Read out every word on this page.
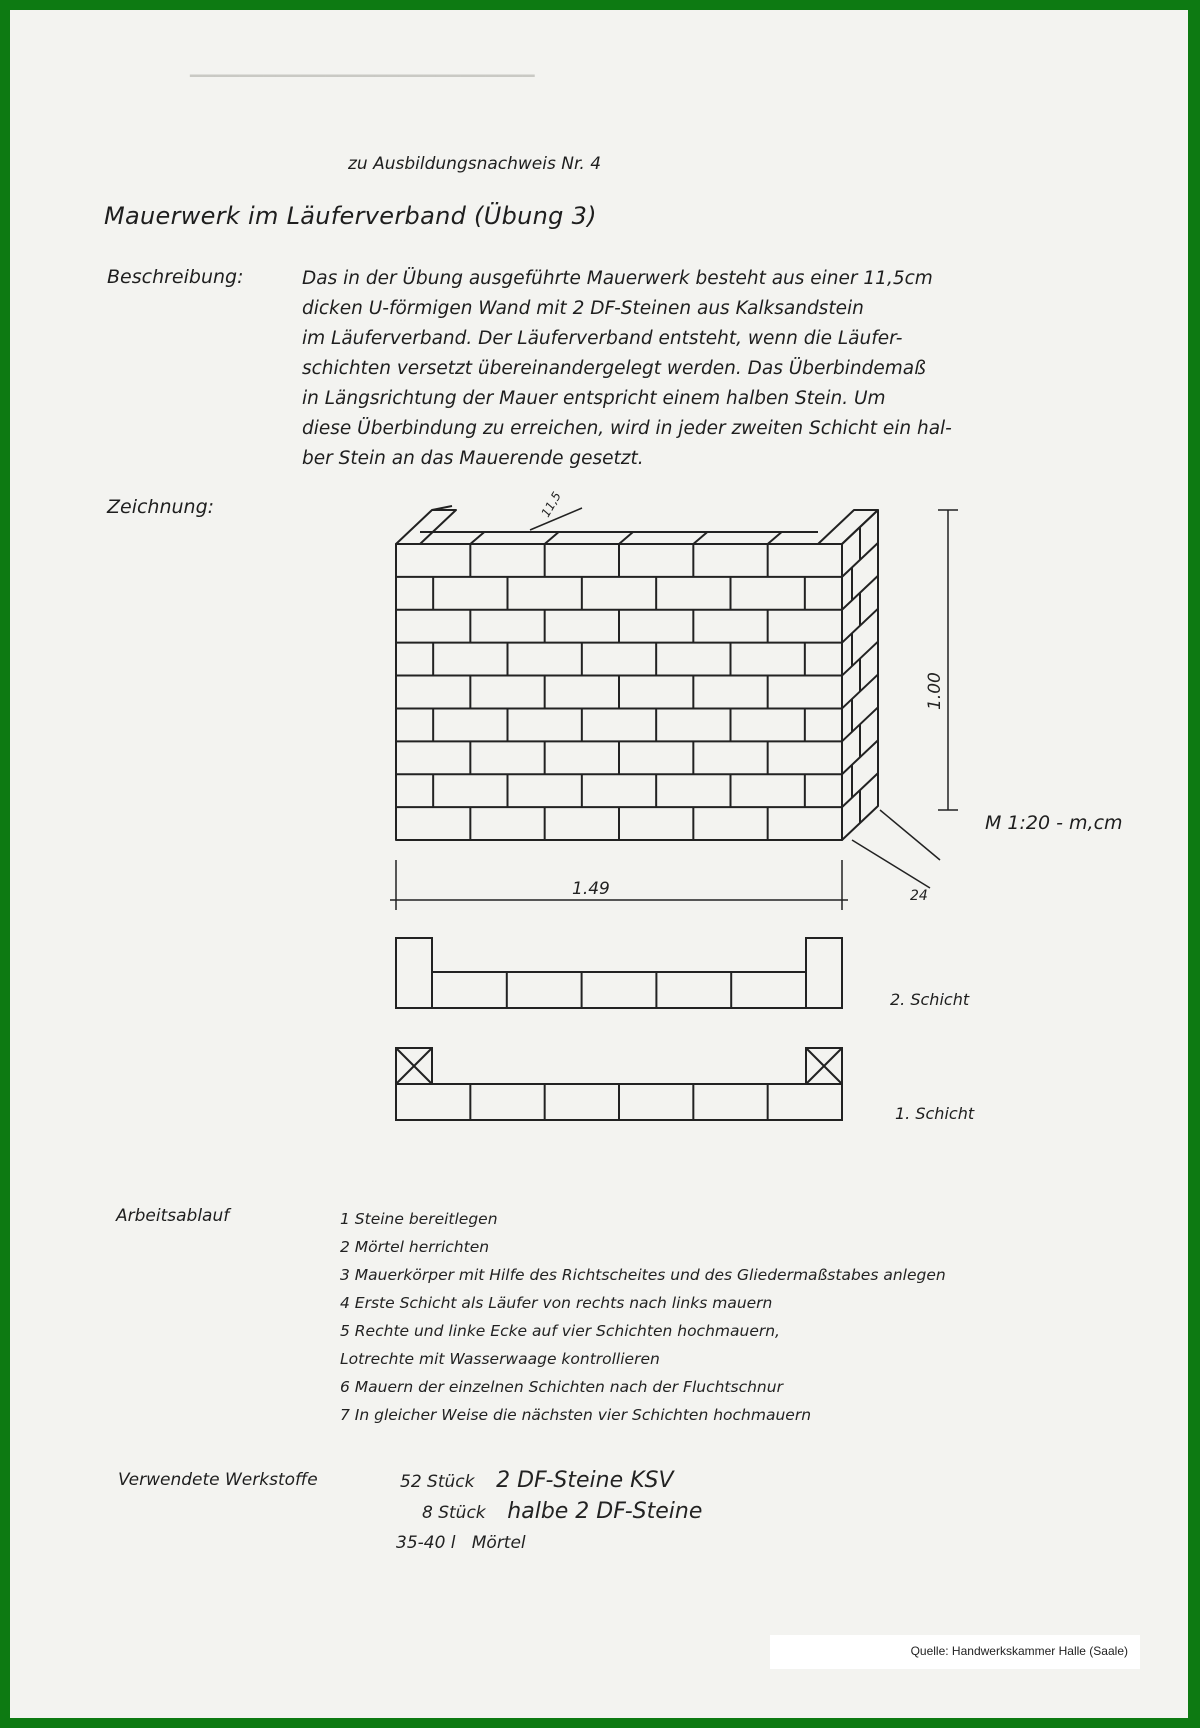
▁▁▁▁▁▁▁▁▁▁▁▁▁▁▁▁▁▁▁▁▁▁▁▁▁▁▁▁
zu Ausbildungsnachweis Nr. 4
Mauerwerk im Läuferverband (Übung 3)
Beschreibung:	Das in der Übung ausgeführte Mauerwerk besteht aus einer 11,5cm
dicken U-förmigen Wand mit 2 DF-Steinen aus Kalksandstein
im Läuferverband. Der Läuferverband entsteht, wenn die Läufer-
schichten versetzt übereinandergelegt werden. Das Überbindemaß
in Längsrichtung der Mauer entspricht einem halben Stein. Um
diese Überbindung zu erreichen, wird in jeder zweiten Schicht ein hal-
ber Stein an das Mauerende gesetzt.
Zeichnung:
1.00
1.49	24
11,5
M 1:20 - m,cm
2. Schicht
1. Schicht
Arbeitsablauf	1 Steine bereitlegen
2 Mörtel herrichten
3 Mauerkörper mit Hilfe des Richtscheites und des Gliedermaßstabes anlegen
4 Erste Schicht als Läufer von rechts nach links mauern
5 Rechte und linke Ecke auf vier Schichten hochmauern,
Lotrechte mit Wasserwaage kontrollieren
6 Mauern der einzelnen Schichten nach der Fluchtschnur
7 In gleicher Weise die nächsten vier Schichten hochmauern
Verwendete Werkstoffe	52 Stück 2 DF-Steine KSV
8 Stück halbe 2 DF-Steine
35-40 l Mörtel
Quelle: Handwerkskammer Halle (Saale)
